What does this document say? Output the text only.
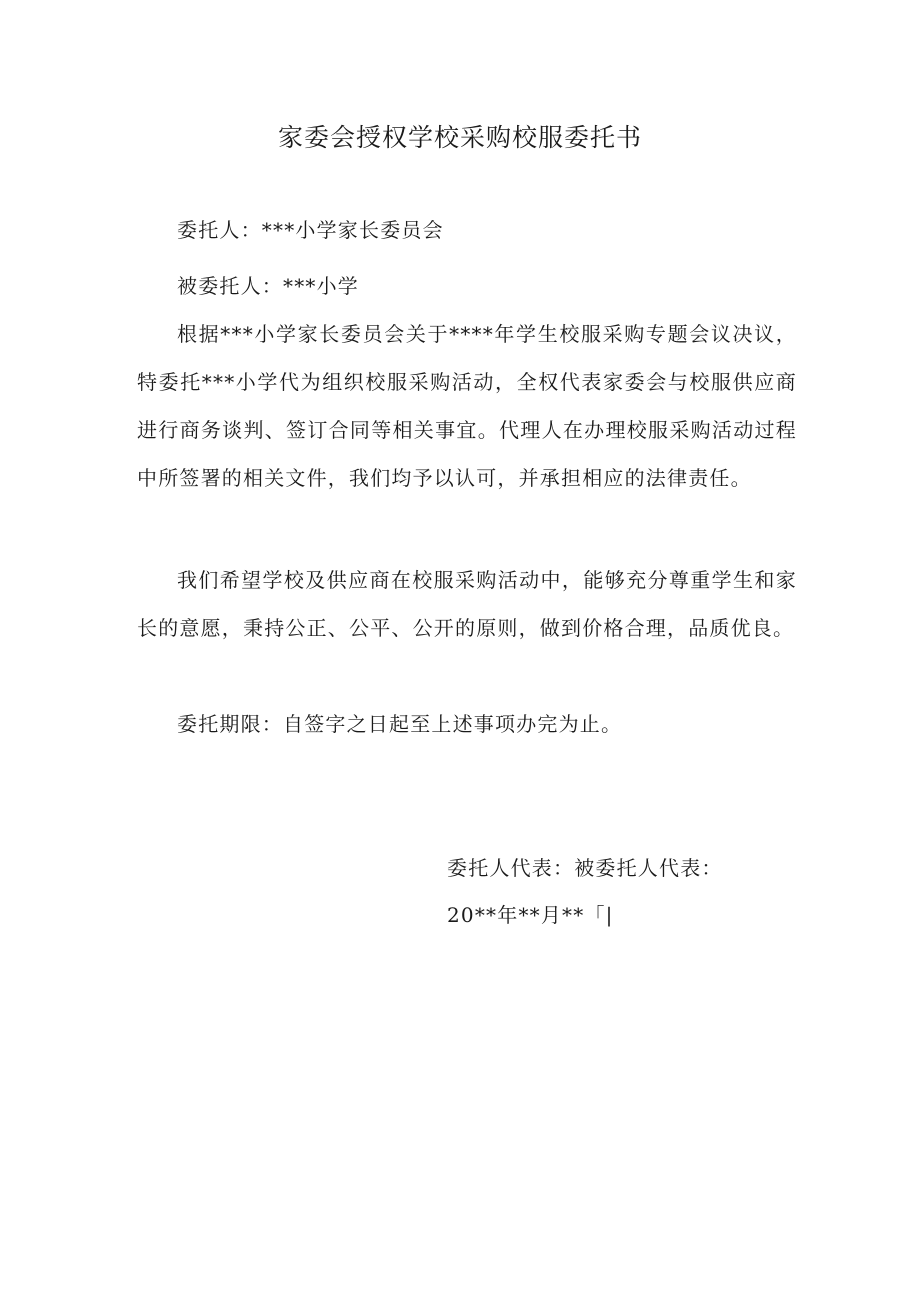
家委会授权学校采购校服委托书

委托人：***小学家长委员会

被委托人：***小学

根据***小学家长委员会关于****年学生校服采购专题会议决议，特委托***小学代为组织校服采购活动，全权代表家委会与校服供应商进行商务谈判、签订合同等相关事宜。代理人在办理校服采购活动过程中所签署的相关文件，我们均予以认可，并承担相应的法律责任。

我们希望学校及供应商在校服采购活动中，能够充分尊重学生和家长的意愿，秉持公正、公平、公开的原则，做到价格合理，品质优良。

委托期限：自签字之日起至上述事项办完为止。

委托人代表：被委托人代表：

20**年**月**「|
